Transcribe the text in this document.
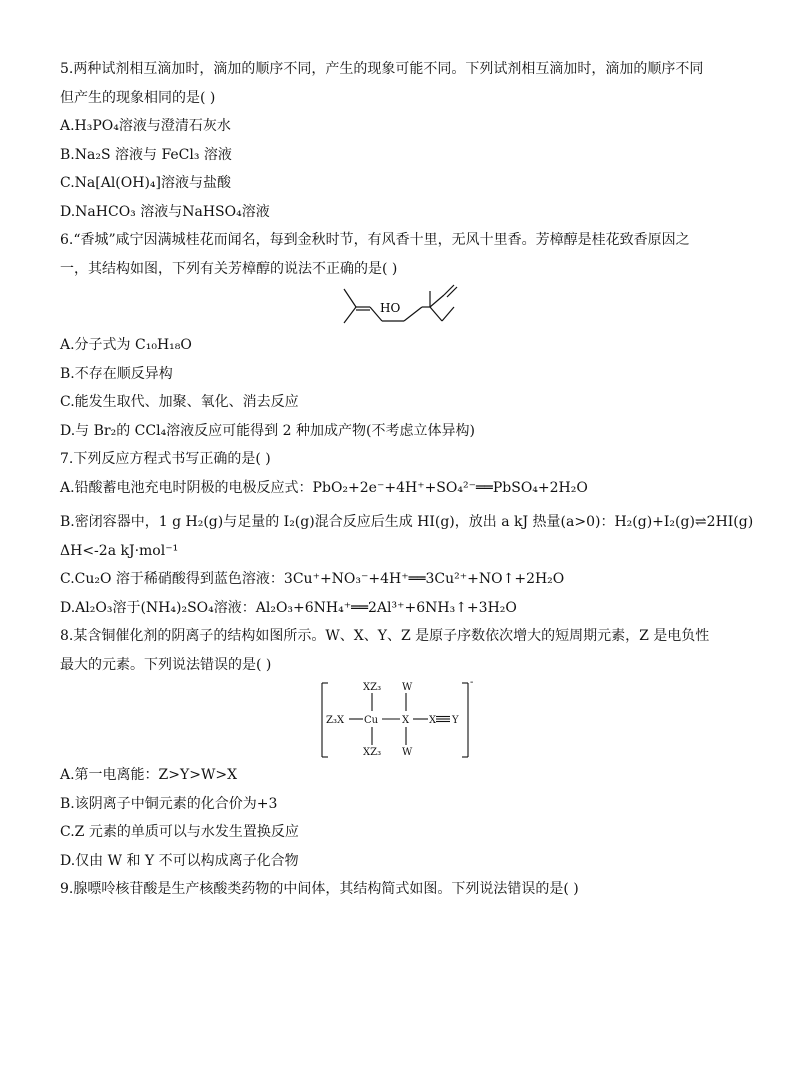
5.两种试剂相互滴加时，滴加的顺序不同，产生的现象可能不同。下列试剂相互滴加时，滴加的顺序不同
但产生的现象相同的是( )
A.H₃PO₄溶液与澄清石灰水
B.Na₂S 溶液与 FeCl₃ 溶液
C.Na[Al(OH)₄]溶液与盐酸
D.NaHCO₃ 溶液与NaHSO₄溶液
6.“香城”咸宁因满城桂花而闻名，每到金秋时节，有风香十里，无风十里香。芳樟醇是桂花致香原因之
一，其结构如图，下列有关芳樟醇的说法不正确的是( )
HO
A.分子式为 C₁₀H₁₈O
B.不存在顺反异构
C.能发生取代、加聚、氧化、消去反应
D.与 Br₂的 CCl₄溶液反应可能得到 2 种加成产物(不考虑立体异构)
7.下列反应方程式书写正确的是( )
A.铅酸蓄电池充电时阴极的电极反应式：PbO₂+2e⁻+4H⁺+SO₄²⁻══PbSO₄+2H₂O
B.密闭容器中，1 g H₂(g)与足量的 I₂(g)混合反应后生成 HI(g)，放出 a kJ 热量(a>0)：H₂(g)+I₂(g)⇌2HI(g)
ΔH<-2a kJ·mol⁻¹
C.Cu₂O 溶于稀硝酸得到蓝色溶液：3Cu⁺+NO₃⁻+4H⁺══3Cu²⁺+NO↑+2H₂O
D.Al₂O₃溶于(NH₄)₂SO₄溶液：Al₂O₃+6NH₄⁺══2Al³⁺+6NH₃↑+3H₂O
8.某含铜催化剂的阴离子的结构如图所示。W、X、Y、Z 是原子序数依次增大的短周期元素，Z 是电负性
最大的元素。下列说法错误的是( )
XZ₃ W
Z₃X Cu X X Y
XZ₃ W
-
A.第一电离能：Z>Y>W>X
B.该阴离子中铜元素的化合价为+3
C.Z 元素的单质可以与水发生置换反应
D.仅由 W 和 Y 不可以构成离子化合物
9.腺嘌呤核苷酸是生产核酸类药物的中间体，其结构简式如图。下列说法错误的是( )
